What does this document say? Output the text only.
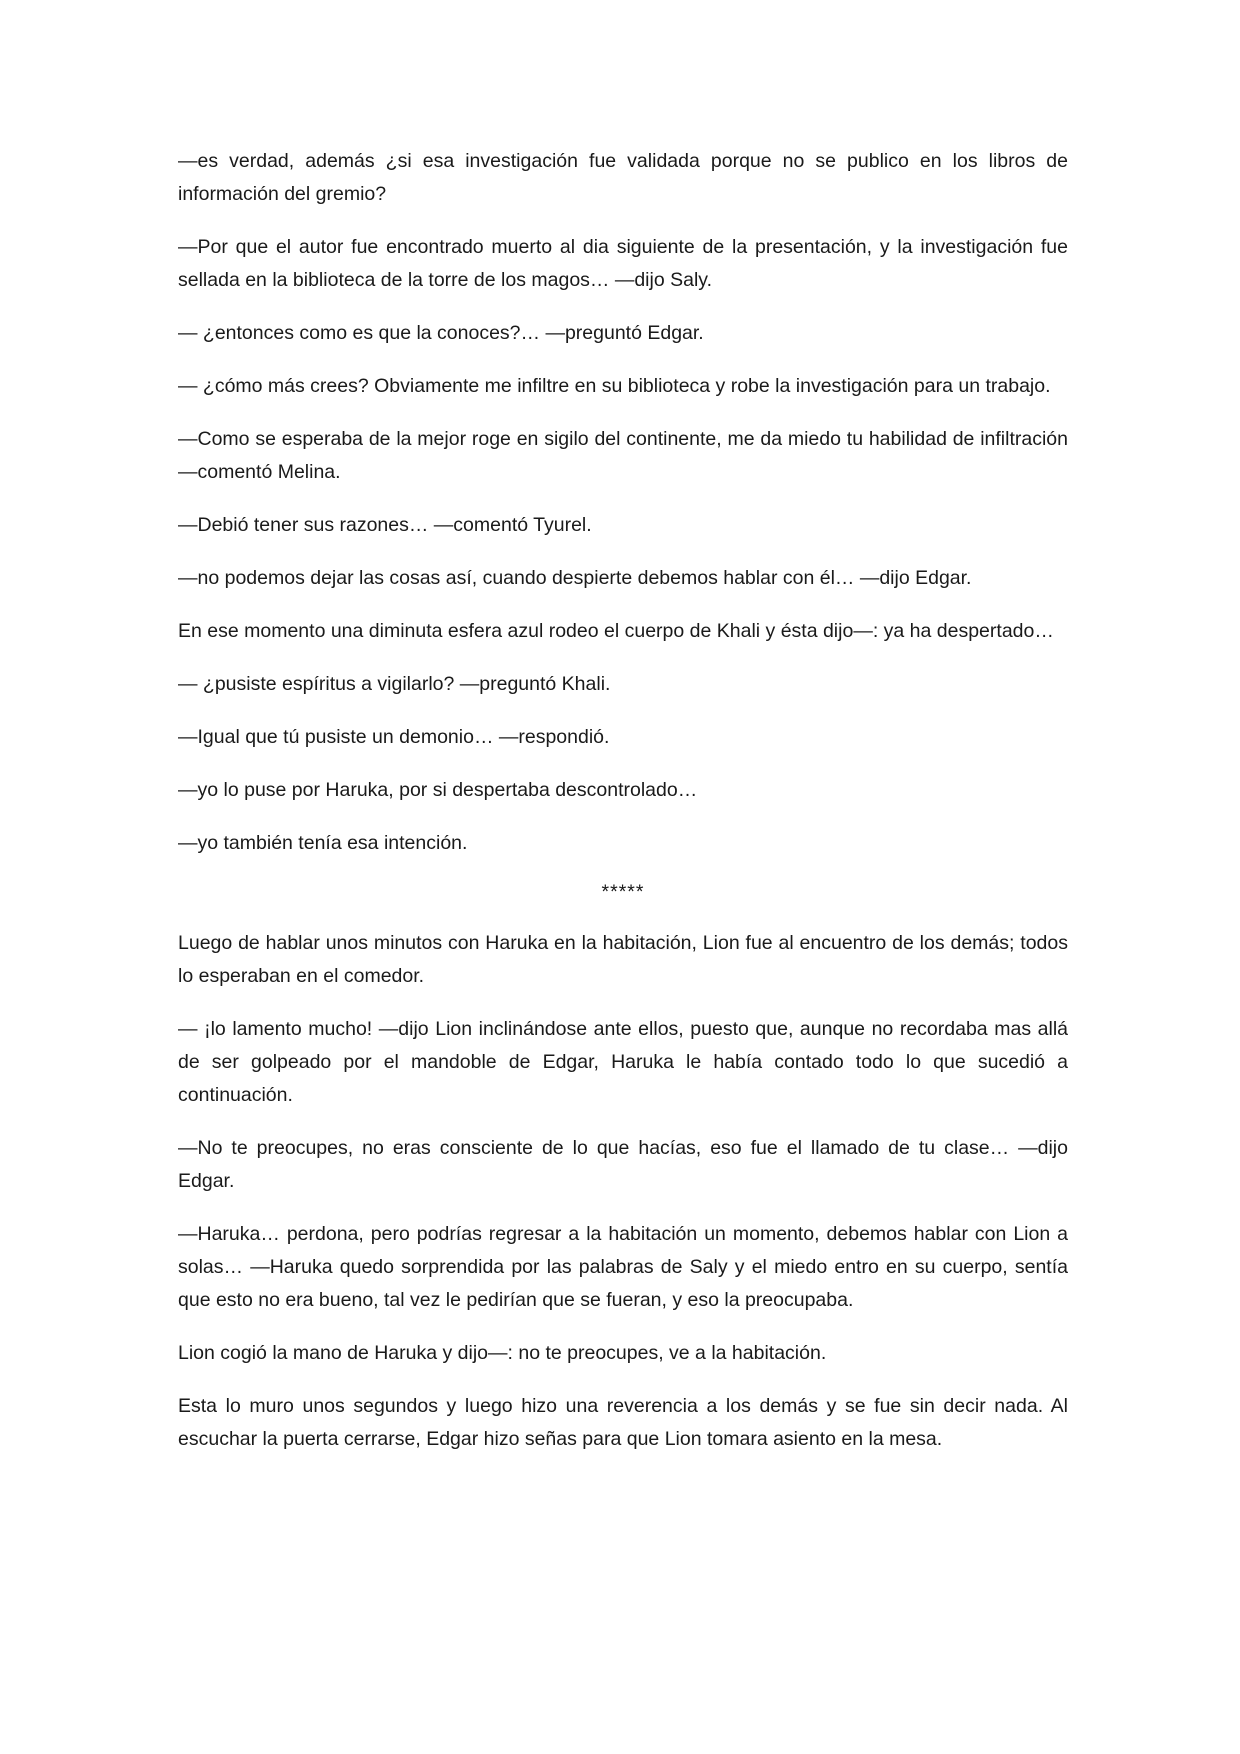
—es verdad, además ¿si esa investigación fue validada porque no se publico en los libros de información del gremio?

—Por que el autor fue encontrado muerto al dia siguiente de la presentación, y la investigación fue sellada en la biblioteca de la torre de los magos… —dijo Saly.

— ¿entonces como es que la conoces?… —preguntó Edgar.

— ¿cómo más crees? Obviamente me infiltre en su biblioteca y robe la investigación para un trabajo.

—Como se esperaba de la mejor roge en sigilo del continente, me da miedo tu habilidad de infiltración —comentó Melina.

—Debió tener sus razones… —comentó Tyurel.

—no podemos dejar las cosas así, cuando despierte debemos hablar con él… —dijo Edgar.

En ese momento una diminuta esfera azul rodeo el cuerpo de Khali y ésta dijo—: ya ha despertado…

— ¿pusiste espíritus a vigilarlo? —preguntó Khali.

—Igual que tú pusiste un demonio… —respondió.

—yo lo puse por Haruka, por si despertaba descontrolado…

—yo también tenía esa intención.

*****

Luego de hablar unos minutos con Haruka en la habitación, Lion fue al encuentro de los demás; todos lo esperaban en el comedor.

— ¡lo lamento mucho! —dijo Lion inclinándose ante ellos, puesto que, aunque no recordaba mas allá de ser golpeado por el mandoble de Edgar, Haruka le había contado todo lo que sucedió a continuación.

—No te preocupes, no eras consciente de lo que hacías, eso fue el llamado de tu clase… —dijo Edgar.

—Haruka… perdona, pero podrías regresar a la habitación un momento, debemos hablar con Lion a solas… —Haruka quedo sorprendida por las palabras de Saly y el miedo entro en su cuerpo, sentía que esto no era bueno, tal vez le pedirían que se fueran, y eso la preocupaba.

Lion cogió la mano de Haruka y dijo—: no te preocupes, ve a la habitación.

Esta lo muro unos segundos y luego hizo una reverencia a los demás y se fue sin decir nada. Al escuchar la puerta cerrarse, Edgar hizo señas para que Lion tomara asiento en la mesa.
